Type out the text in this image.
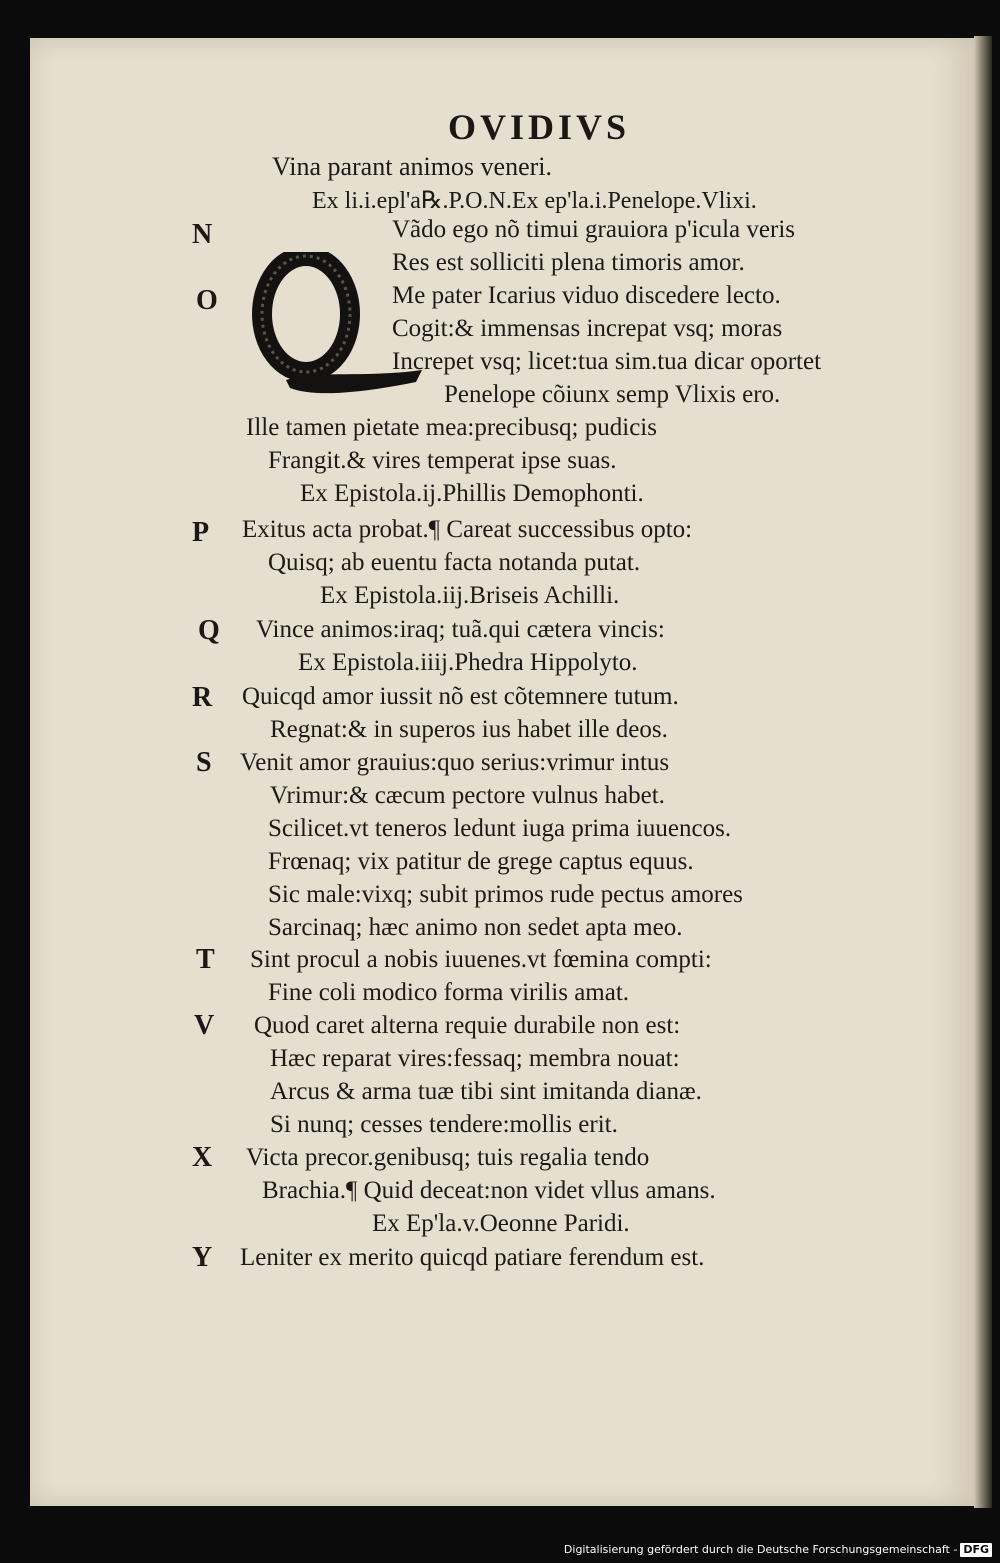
OVIDIVS
Vina parant animos veneri.
Ex li.i.epl'a℞.P.O.N.Ex ep'la.i.Penelope.Vlixi.
Vãdo ego nõ timui grauiora p'icula veris
Res est solliciti plena timoris amor.
Me pater Icarius viduo discedere lecto.
Cogit:& immensas increpat vsq; moras
Increpet vsq; licet:tua sim.tua dicar oportet
Penelope cõiunx semp Vlixis ero.
Ille tamen pietate mea:precibusq; pudicis
Frangit.& vires temperat ipse suas.
Ex Epistola.ij.Phillis Demophonti.
Exitus acta probat.¶ Careat successibus opto:
Quisq; ab euentu facta notanda putat.
Ex Epistola.iij.Briseis Achilli.
Vince animos:iraq; tuã.qui cætera vincis:
Ex Epistola.iiij.Phedra Hippolyto.
Quicqd amor iussit nõ est cõtemnere tutum.
Regnat:& in superos ius habet ille deos.
Venit amor grauius:quo serius:vrimur intus
Vrimur:& cæcum pectore vulnus habet.
Scilicet.vt teneros ledunt iuga prima iuuencos.
Frœnaq; vix patitur de grege captus equus.
Sic male:vixq; subit primos rude pectus amores
Sarcinaq; hæc animo non sedet apta meo.
Sint procul a nobis iuuenes.vt fœmina compti:
Fine coli modico forma virilis amat.
Quod caret alterna requie durabile non est:
Hæc reparat vires:fessaq; membra nouat:
Arcus & arma tuæ tibi sint imitanda dianæ.
Si nunq; cesses tendere:mollis erit.
Victa precor.genibusq; tuis regalia tendo
Brachia.¶ Quid deceat:non videt vllus amans.
Ex Ep'la.v.Oeonne Paridi.
Leniter ex merito quicqd patiare ferendum est.
N
O
P
Q
R
S
T
V
X
Y
Digitalisierung gefördert durch die Deutsche Forschungsgemeinschaft - DFG
